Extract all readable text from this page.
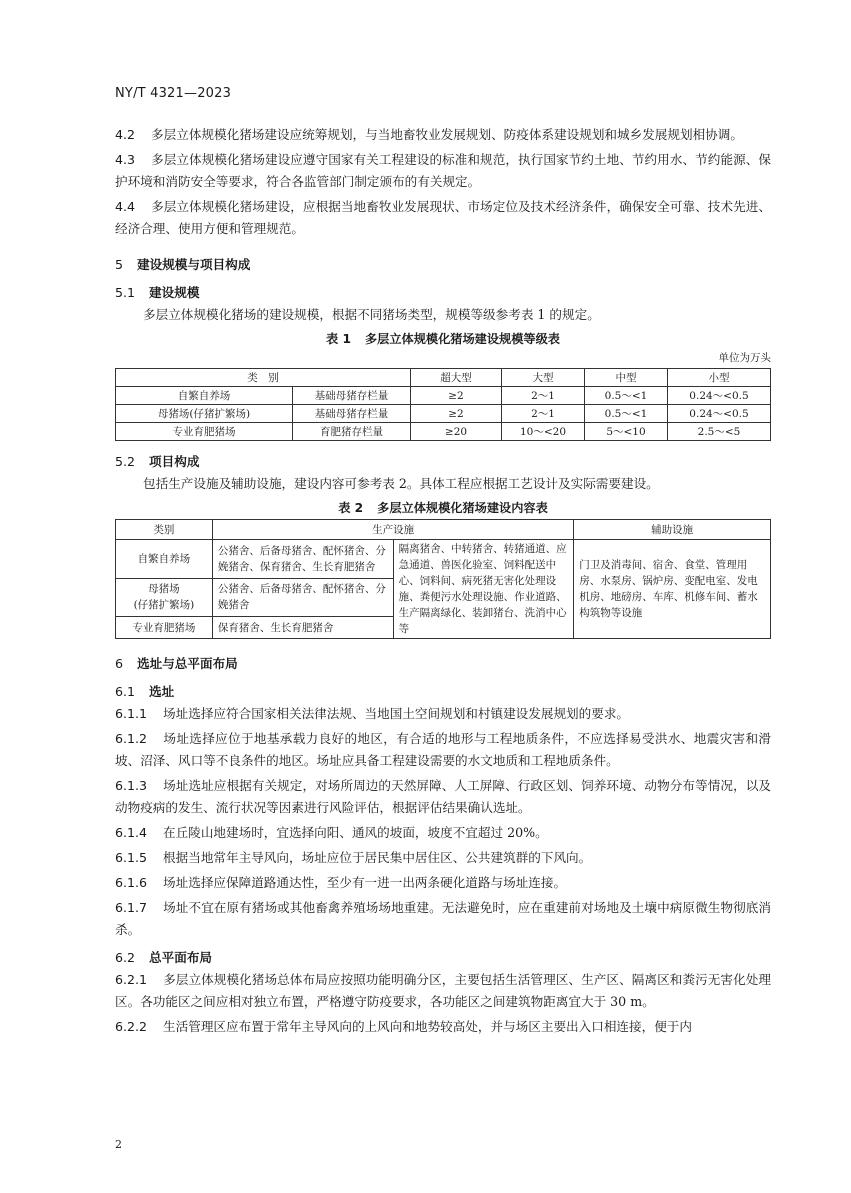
NY/T 4321—2023

4.2 多层立体规模化猪场建设应统筹规划，与当地畜牧业发展规划、防疫体系建设规划和城乡发展规划相协调。

4.3 多层立体规模化猪场建设应遵守国家有关工程建设的标准和规范，执行国家节约土地、节约用水、节约能源、保护环境和消防安全等要求，符合各监管部门制定颁布的有关规定。

4.4 多层立体规模化猪场建设，应根据当地畜牧业发展现状、市场定位及技术经济条件，确保安全可靠、技术先进、经济合理、使用方便和管理规范。

5 建设规模与项目构成
5.1 建设规模

多层立体规模化猪场的建设规模，根据不同猪场类型，规模等级参考表 1 的规定。

表 1 多层立体规模化猪场建设规模等级表
单位为万头
类　别		超大型	大型	中型	小型
自繁自养场	基础母猪存栏量	≥2	2～1	0.5～<1	0.24～<0.5
母猪场(仔猪扩繁场)	基础母猪存栏量	≥2	2～1	0.5～<1	0.24～<0.5
专业育肥猪场	育肥猪存栏量	≥20	10～<20	5～<10	2.5～<5
5.2 项目构成

包括生产设施及辅助设施，建设内容可参考表 2。具体工程应根据工艺设计及实际需要建设。

表 2 多层立体规模化猪场建设内容表
类别	生产设施		辅助设施
自繁自养场	公猪舍、后备母猪舍、配怀猪舍、分娩猪舍、保育猪舍、生长育肥猪舍	隔离猪舍、中转猪舍、转猪通道、应急通道、兽医化验室、饲料配送中心、饲料间、病死猪无害化处理设施、粪便污水处理设施、作业道路、生产隔离绿化、装卸猪台、洗消中心等	门卫及消毒间、宿舍、食堂、管理用房、水泵房、锅炉房、变配电室、发电机房、地磅房、车库、机修车间、蓄水构筑物等设施
母猪场
(仔猪扩繁场)	公猪舍、后备母猪舍、配怀猪舍、分娩猪舍		
专业育肥猪场	保育猪舍、生长育肥猪舍		
6 选址与总平面布局
6.1 选址

6.1.1 场址选择应符合国家相关法律法规、当地国土空间规划和村镇建设发展规划的要求。

6.1.2 场址选择应位于地基承载力良好的地区，有合适的地形与工程地质条件，不应选择易受洪水、地震灾害和滑坡、沼泽、风口等不良条件的地区。场址应具备工程建设需要的水文地质和工程地质条件。

6.1.3 场址选址应根据有关规定，对场所周边的天然屏障、人工屏障、行政区划、饲养环境、动物分布等情况，以及动物疫病的发生、流行状况等因素进行风险评估，根据评估结果确认选址。

6.1.4 在丘陵山地建场时，宜选择向阳、通风的坡面，坡度不宜超过 20%。

6.1.5 根据当地常年主导风向，场址应位于居民集中居住区、公共建筑群的下风向。

6.1.6 场址选择应保障道路通达性，至少有一进一出两条硬化道路与场址连接。

6.1.7 场址不宜在原有猪场或其他畜禽养殖场场地重建。无法避免时，应在重建前对场地及土壤中病原微生物彻底消杀。

6.2 总平面布局

6.2.1 多层立体规模化猪场总体布局应按照功能明确分区，主要包括生活管理区、生产区、隔离区和粪污无害化处理区。各功能区之间应相对独立布置，严格遵守防疫要求，各功能区之间建筑物距离宜大于 30 m。

6.2.2 生活管理区应布置于常年主导风向的上风向和地势较高处，并与场区主要出入口相连接，便于内

2
